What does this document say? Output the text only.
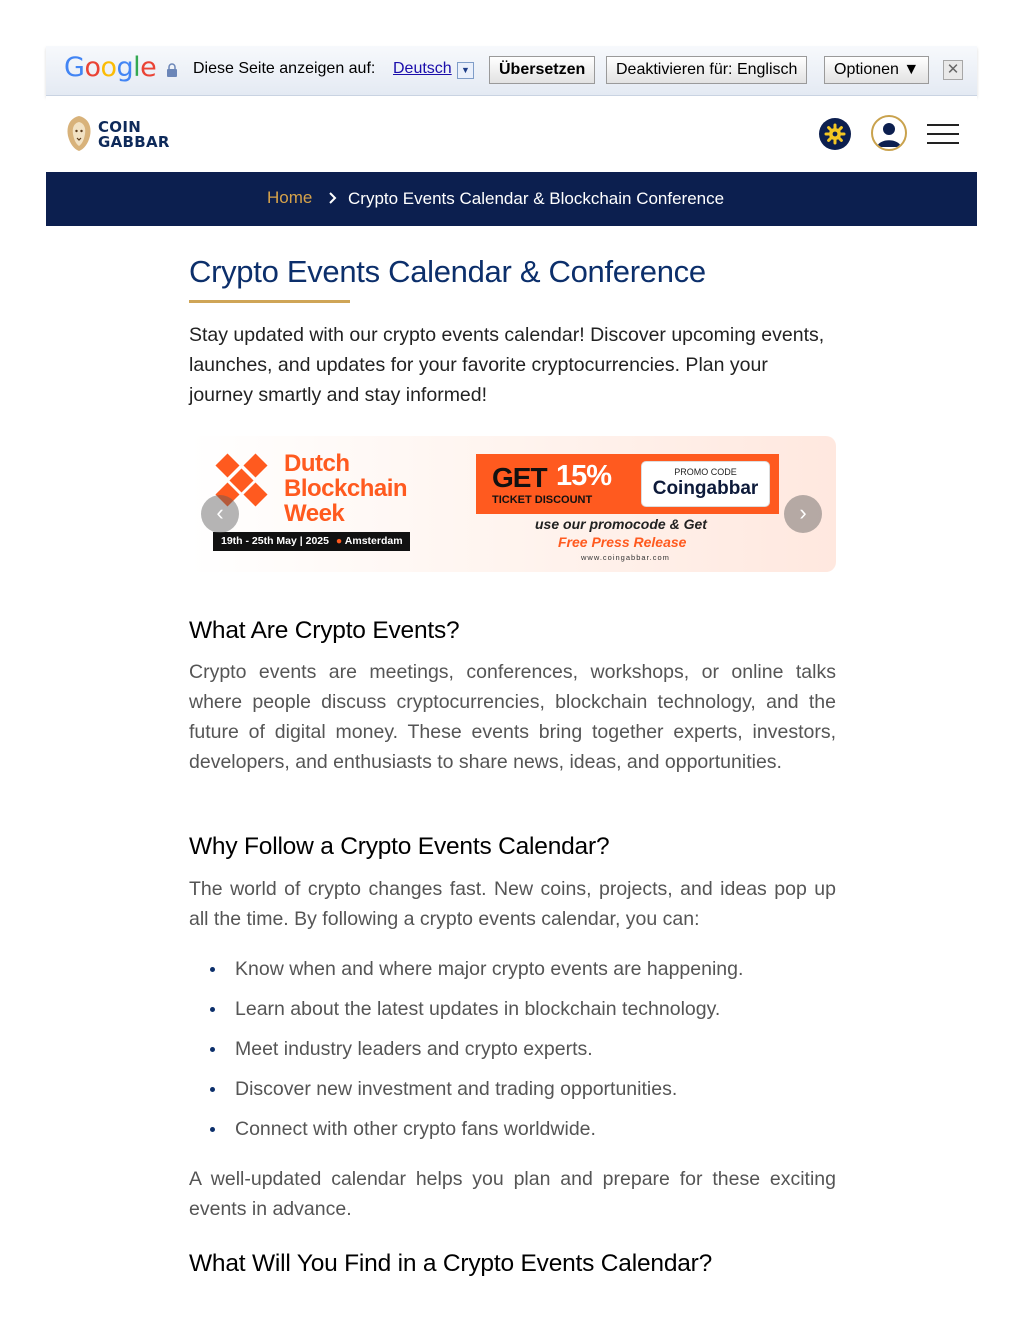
Google Diese Seite anzeigen auf: Deutsch	▼	Übersetzen	Deaktivieren für: Englisch	Optionen ▼	✕
COIN
GABBAR
Home Crypto Events Calendar & Blockchain Conference
Crypto Events Calendar & Conference

Stay updated with our crypto events calendar! Discover upcoming events, launches, and updates for your favorite cryptocurrencies. Plan your journey smartly and stay informed!

Dutch
Blockchain
Week
19th - 25th May | 2025 ● Amsterdam
GET 15%
TICKET DISCOUNT
PROMO CODE
Coingabbar
use our promocode & Get
Free Press Release
www.coingabbar.com
‹	›
What Are Crypto Events?

Crypto events are meetings, conferences, workshops, or online talks where people discuss cryptocurrencies, blockchain technology, and the future of digital money. These events bring together experts, investors, developers, and enthusiasts to share news, ideas, and opportunities.

Why Follow a Crypto Events Calendar?

The world of crypto changes fast. New coins, projects, and ideas pop up all the time. By following a crypto events calendar, you can:

Know when and where major crypto events are happening.
Learn about the latest updates in blockchain technology.
Meet industry leaders and crypto experts.
Discover new investment and trading opportunities.
Connect with other crypto fans worldwide.

A well-updated calendar helps you plan and prepare for these exciting events in advance.

What Will You Find in a Crypto Events Calendar?
